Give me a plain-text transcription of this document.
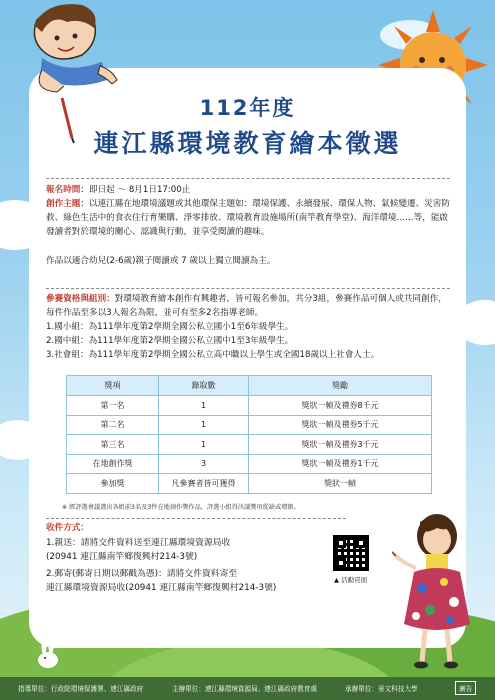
112年度
連江縣環境教育繪本徵選
報名時間：即日起 ～ 8月1日17:00止
創作主題：以連江縣在地環境議題或其他環保主題如：環境保護、永續發展、環保人物、氣候變遷、災害防救、綠色生活中的食衣住行育樂購、淨零排放、環境教育設施場所(南竿教育學堂)、海洋環境……等，能啟發讀者對於環境的關心、認識與行動，並享受閱讀的趣味。
作品以適合幼兒(2-6歲)親子閱讀或 7 歲以上獨立閱讀為主。
參賽資格與組別：對環境教育繪本創作有興趣者，皆可報名參加，共分3組，參賽作品可個人或共同創作，每件作品至多以3人報名為限，並可有至多2名指導老師。
1.國小組：為111學年度第2學期全國公私立國小1至6年級學生。
2.國中組：為111學年度第2學期全國公私立國中1至3年級學生。
3.社會組：為111學年度第2學期全國公私立高中職以上學生或全國18歲以上社會人士。
獎項	錄取數	獎勵
第一名	1	獎狀一幀及禮券8千元
第二名	1	獎狀一幀及禮券5千元
第三名	1	獎狀一幀及禮券3千元
在地創作獎	3	獎狀一幀及禮券1千元
參加獎	凡參賽者皆可獲得	獎狀一幀
※ 經評選會議選出各組前3名及3件在地創作獎作品，評選小組得決議獎項從缺或增額。
收件方式：
1.親送：請將交件資料送至連江縣環境資源局收
(20941 連江縣南竿鄉復興村214-3號)
2.郵寄(郵寄日期以郵戳為憑)：請將交件資料寄至
連江縣環境資源局收(20941 連江縣南竿鄉復興村214-3號)
▲ 活動頁面
指導單位：行政院環境保護署、連江縣政府	主辦單位：連江縣環境資源局、連江縣政府教育處	承辦單位：景文科技大學	廣告
